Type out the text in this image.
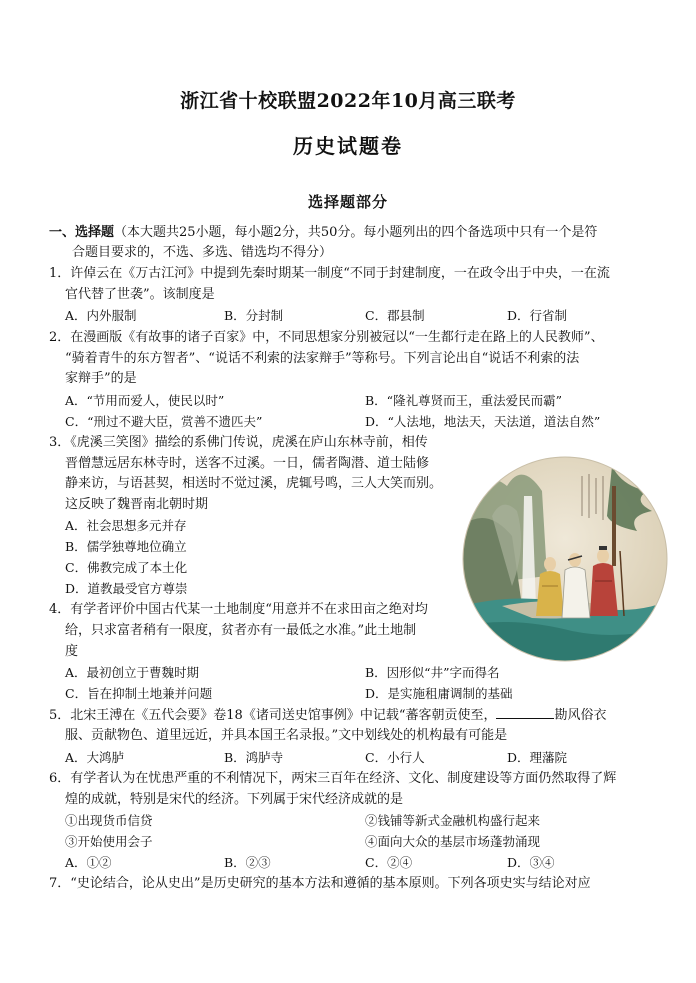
浙江省十校联盟2022年10月高三联考
历史试题卷
选择题部分
一、选择题（本大题共25小题，每小题2分，共50分。每小题列出的四个备选项中只有一个是符
合题目要求的，不选、多选、错选均不得分）
1．许倬云在《万古江河》中提到先秦时期某一制度“不同于封建制度，一在政令出于中央，一在流
官代替了世袭”。该制度是
A．内外服制	B．分封制	C．郡县制	D．行省制
2．在漫画版《有故事的诸子百家》中，不同思想家分别被冠以“一生都行走在路上的人民教师”、
“骑着青牛的东方智者”、“说话不利索的法家辩手”等称号。下列言论出自“说话不利索的法
家辩手”的是
A．“节用而爱人，使民以时”	B．“隆礼尊贤而王，重法爱民而霸”
C．“刑过不避大臣，赏善不遗匹夫”	D．“人法地，地法天，天法道，道法自然”
3．《虎溪三笑图》描绘的系佛门传说，虎溪在庐山东林寺前，相传
晋僧慧远居东林寺时，送客不过溪。一日，儒者陶潜、道士陆修
静来访，与语甚契，相送时不觉过溪，虎辄号鸣，三人大笑而别。
这反映了魏晋南北朝时期
A．社会思想多元并存
B．儒学独尊地位确立
C．佛教完成了本土化
D．道教最受官方尊崇
4．有学者评价中国古代某一土地制度“用意并不在求田亩之绝对均
给，只求富者稍有一限度，贫者亦有一最低之水准。”此土地制
度
A．最初创立于曹魏时期	B．因形似“井”字而得名
C．旨在抑制土地兼并问题	D．是实施租庸调制的基础
5．北宋王溥在《五代会要》卷18《诸司送史馆事例》中记载“蕃客朝贡使至，	勘风俗衣
服、贡献物色、道里远近，并具本国王名录报。”文中划线处的机构最有可能是
A．大鸿胪	B．鸿胪寺	C．小行人	D．理藩院
6．有学者认为在忧患严重的不利情况下，两宋三百年在经济、文化、制度建设等方面仍然取得了辉
煌的成就，特别是宋代的经济。下列属于宋代经济成就的是
①出现货币信贷	②钱铺等新式金融机构盛行起来
③开始使用会子	④面向大众的基层市场蓬勃涌现
A．①②	B．②③	C．②④	D．③④
7．“史论结合，论从史出”是历史研究的基本方法和遵循的基本原则。下列各项史实与结论对应
